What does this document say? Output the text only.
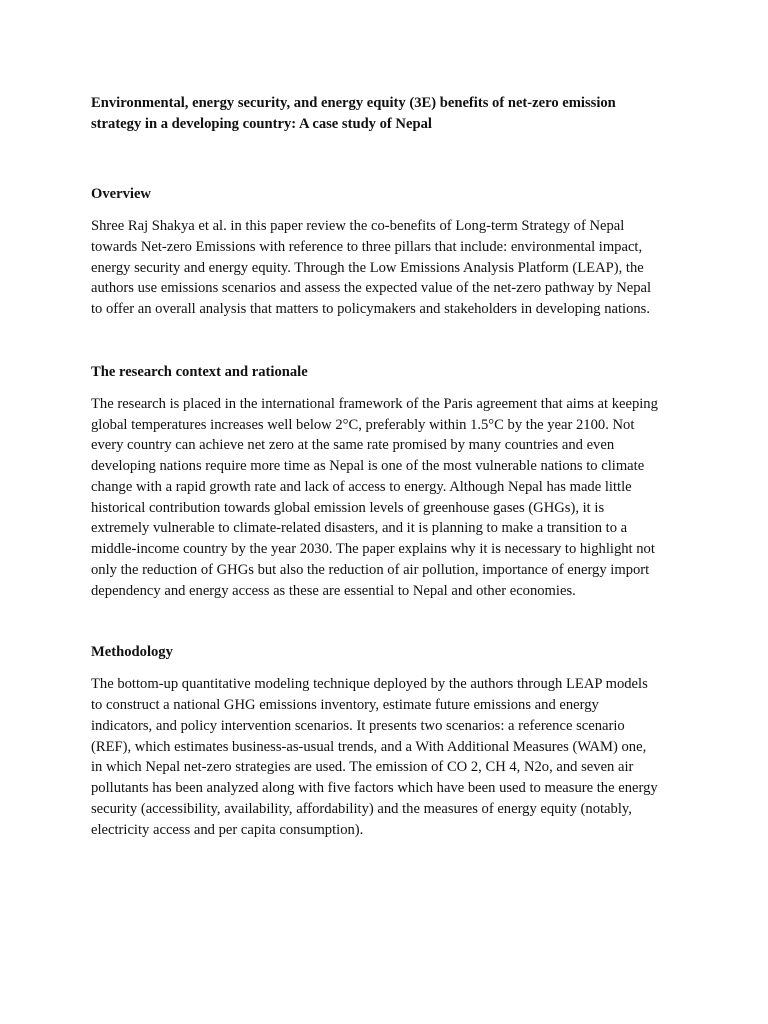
Environmental, energy security, and energy equity (3E) benefits of net-zero emission
strategy in a developing country: A case study of Nepal
Overview

Shree Raj Shakya et al. in this paper review the co-benefits of Long-term Strategy of Nepal
towards Net-zero Emissions with reference to three pillars that include: environmental impact,
energy security and energy equity. Through the Low Emissions Analysis Platform (LEAP), the
authors use emissions scenarios and assess the expected value of the net-zero pathway by Nepal
to offer an overall analysis that matters to policymakers and stakeholders in developing nations.

The research context and rationale

The research is placed in the international framework of the Paris agreement that aims at keeping
global temperatures increases well below 2°C, preferably within 1.5°C by the year 2100. Not
every country can achieve net zero at the same rate promised by many countries and even
developing nations require more time as Nepal is one of the most vulnerable nations to climate
change with a rapid growth rate and lack of access to energy. Although Nepal has made little
historical contribution towards global emission levels of greenhouse gases (GHGs), it is
extremely vulnerable to climate-related disasters, and it is planning to make a transition to a
middle-income country by the year 2030. The paper explains why it is necessary to highlight not
only the reduction of GHGs but also the reduction of air pollution, importance of energy import
dependency and energy access as these are essential to Nepal and other economies.

Methodology

The bottom-up quantitative modeling technique deployed by the authors through LEAP models
to construct a national GHG emissions inventory, estimate future emissions and energy
indicators, and policy intervention scenarios. It presents two scenarios: a reference scenario
(REF), which estimates business-as-usual trends, and a With Additional Measures (WAM) one,
in which Nepal net-zero strategies are used. The emission of CO 2, CH 4, N2o, and seven air
pollutants has been analyzed along with five factors which have been used to measure the energy
security (accessibility, availability, affordability) and the measures of energy equity (notably,
electricity access and per capita consumption).
